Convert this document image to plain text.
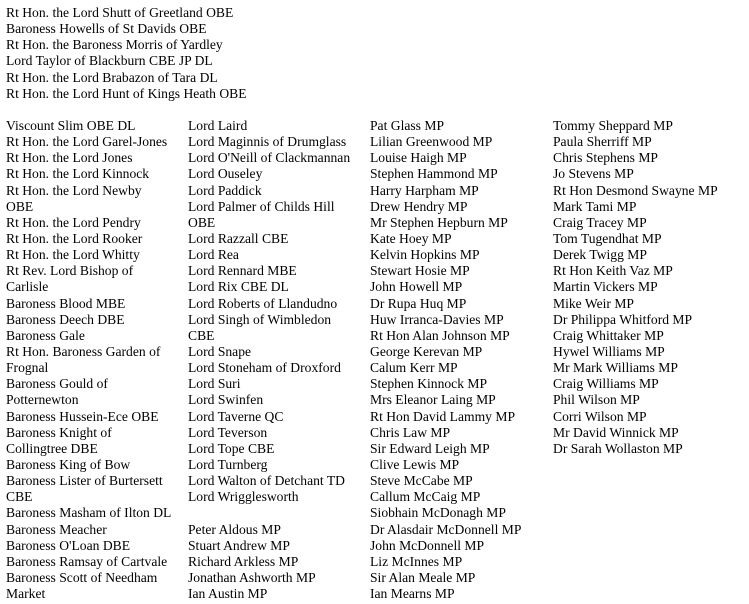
Rt Hon. the Lord Shutt of Greetland OBE
Baroness Howells of St Davids OBE
Rt Hon. the Baroness Morris of Yardley
Lord Taylor of Blackburn CBE JP DL
Rt Hon. the Lord Brabazon of Tara DL
Rt Hon. the Lord Hunt of Kings Heath OBE
Viscount Slim OBE DL
Rt Hon. the Lord Garel-Jones
Rt Hon. the Lord Jones
Rt Hon. the Lord Kinnock
Rt Hon. the Lord Newby
OBE
Rt Hon. the Lord Pendry
Rt Hon. the Lord Rooker
Rt Hon. the Lord Whitty
Rt Rev. Lord Bishop of
Carlisle
Baroness Blood MBE
Baroness Deech DBE
Baroness Gale
Rt Hon. Baroness Garden of
Frognal
Baroness Gould of
Potternewton
Baroness Hussein-Ece OBE
Baroness Knight of
Collingtree DBE
Baroness King of Bow
Baroness Lister of Burtersett
CBE
Baroness Masham of Ilton DL
Baroness Meacher
Baroness O'Loan DBE
Baroness Ramsay of Cartvale
Baroness Scott of Needham
Market
Lord Laird
Lord Maginnis of Drumglass
Lord O'Neill of Clackmannan
Lord Ouseley
Lord Paddick
Lord Palmer of Childs Hill
OBE
Lord Razzall CBE
Lord Rea
Lord Rennard MBE
Lord Rix CBE DL
Lord Roberts of Llandudno
Lord Singh of Wimbledon
CBE
Lord Snape
Lord Stoneham of Droxford
Lord Suri
Lord Swinfen
Lord Taverne QC
Lord Teverson
Lord Tope CBE
Lord Turnberg
Lord Walton of Detchant TD
Lord Wrigglesworth
Peter Aldous MP
Stuart Andrew MP
Richard Arkless MP
Jonathan Ashworth MP
Ian Austin MP
Pat Glass MP
Lilian Greenwood MP
Louise Haigh MP
Stephen Hammond MP
Harry Harpham MP
Drew Hendry MP
Mr Stephen Hepburn MP
Kate Hoey MP
Kelvin Hopkins MP
Stewart Hosie MP
John Howell MP
Dr Rupa Huq MP
Huw Irranca-Davies MP
Rt Hon Alan Johnson MP
George Kerevan MP
Calum Kerr MP
Stephen Kinnock MP
Mrs Eleanor Laing MP
Rt Hon David Lammy MP
Chris Law MP
Sir Edward Leigh MP
Clive Lewis MP
Steve McCabe MP
Callum McCaig MP
Siobhain McDonagh MP
Dr Alasdair McDonnell MP
John McDonnell MP
Liz McInnes MP
Sir Alan Meale MP
Ian Mearns MP
Tommy Sheppard MP
Paula Sherriff MP
Chris Stephens MP
Jo Stevens MP
Rt Hon Desmond Swayne MP
Mark Tami MP
Craig Tracey MP
Tom Tugendhat MP
Derek Twigg MP
Rt Hon Keith Vaz MP
Martin Vickers MP
Mike Weir MP
Dr Philippa Whitford MP
Craig Whittaker MP
Hywel Williams MP
Mr Mark Williams MP
Craig Williams MP
Phil Wilson MP
Corri Wilson MP
Mr David Winnick MP
Dr Sarah Wollaston MP
